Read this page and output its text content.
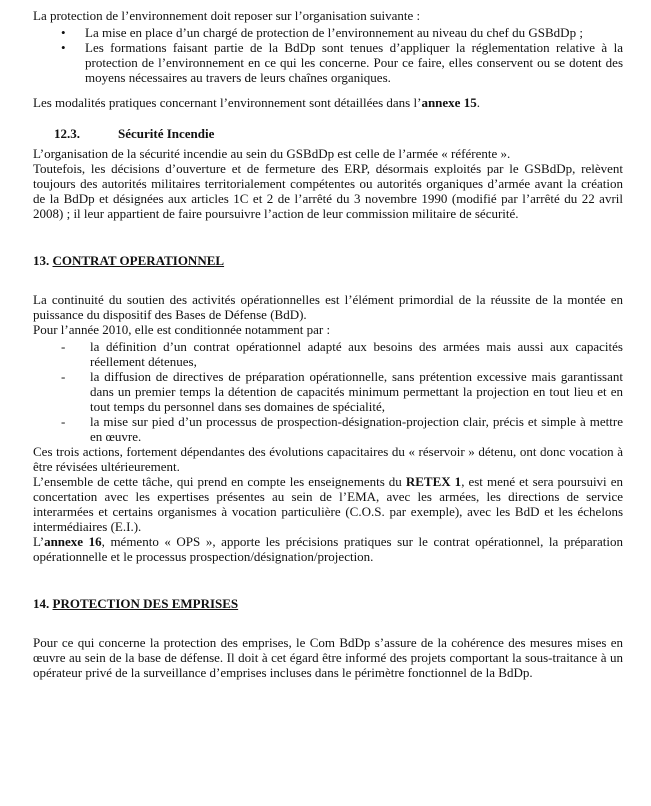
La protection de l’environnement doit reposer sur l’organisation suivante :

• La mise en place d’un chargé de protection de l’environnement au niveau du chef du GSBdDp ;
• Les formations faisant partie de la BdDp sont tenues d’appliquer la réglementation relative à la protection de l’environnement en ce qui les concerne. Pour ce faire, elles conservent ou se dotent des moyens nécessaires au travers de leurs chaînes organiques.

Les modalités pratiques concernant l’environnement sont détaillées dans l’annexe 15.

12.3.	Sécurité Incendie

L’organisation de la sécurité incendie au sein du GSBdDp est celle de l’armée « référente ».

Toutefois, les décisions d’ouverture et de fermeture des ERP, désormais exploités par le GSBdDp, relèvent toujours des autorités militaires territorialement compétentes ou autorités organiques d’armée avant la création de la BdDp et désignées aux articles 1C et 2 de l’arrêté du 3 novembre 1990 (modifié par l’arrêté du 22 avril 2008) ; il leur appartient de faire poursuivre l’action de leur commission militaire de sécurité.

13. CONTRAT OPERATIONNEL

La continuité du soutien des activités opérationnelles est l’élément primordial de la réussite de la montée en puissance du dispositif des Bases de Défense (BdD).

Pour l’année 2010, elle est conditionnée notamment par :

- la définition d’un contrat opérationnel adapté aux besoins des armées mais aussi aux capacités réellement détenues,
- la diffusion de directives de préparation opérationnelle, sans prétention excessive mais garantissant dans un premier temps la détention de capacités minimum permettant la projection en tout lieu et en tout temps du personnel dans ses domaines de spécialité,
- la mise sur pied d’un processus de prospection-désignation-projection clair, précis et simple à mettre en œuvre.

Ces trois actions, fortement dépendantes des évolutions capacitaires du « réservoir » détenu, ont donc vocation à être révisées ultérieurement.

L’ensemble de cette tâche, qui prend en compte les enseignements du RETEX 1, est mené et sera poursuivi en concertation avec les expertises présentes au sein de l’EMA, avec les armées, les directions de service interarmées et certains organismes à vocation particulière (C.O.S. par exemple), avec les BdD et les échelons intermédiaires (E.I.).

L’annexe 16, mémento « OPS », apporte les précisions pratiques sur le contrat opérationnel, la préparation opérationnelle et le processus prospection/désignation/projection.

14. PROTECTION DES EMPRISES

Pour ce qui concerne la protection des emprises, le Com BdDp s’assure de la cohérence des mesures mises en œuvre au sein de la base de défense. Il doit à cet égard être informé des projets comportant la sous-traitance à un opérateur privé de la surveillance d’emprises incluses dans le périmètre fonctionnel de la BdDp.
